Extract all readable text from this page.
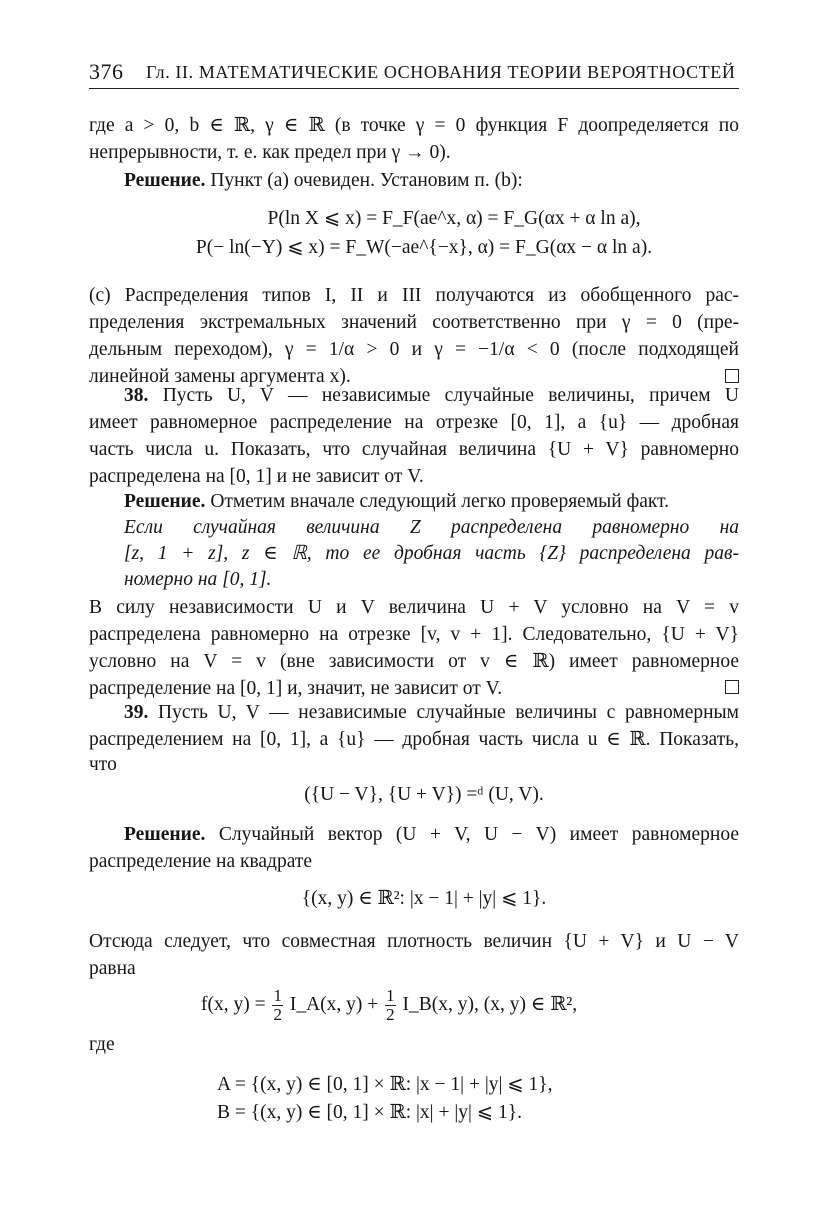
376 Гл. II. МАТЕМАТИЧЕСКИЕ ОСНОВАНИЯ ТЕОРИИ ВЕРОЯТНОСТЕЙ
где a > 0, b ∈ ℝ, γ ∈ ℝ (в точке γ = 0 функция F доопределяется по
непрерывности, т. е. как предел при γ → 0).
Решение. Пункт (a) очевиден. Установим п. (b):
P(ln X ⩽ x) = F_F(ae^x, α) = F_G(αx + α ln a),
P(− ln(−Y) ⩽ x) = F_W(−ae^{−x}, α) = F_G(αx − α ln a).
(c) Распределения типов I, II и III получаются из обобщенного рас-
пределения экстремальных значений соответственно при γ = 0 (пре-
дельным переходом), γ = 1/α > 0 и γ = −1/α < 0 (после подходящей
линейной замены аргумента x).
38. Пусть U, V — независимые случайные величины, причем U
имеет равномерное распределение на отрезке [0, 1], а {u} — дробная
часть числа u. Показать, что случайная величина {U + V} равномерно
распределена на [0, 1] и не зависит от V.
Решение. Отметим вначале следующий легко проверяемый факт.
Если случайная величина Z распределена равномерно на
[z, 1 + z], z ∈ ℝ, то ее дробная часть {Z} распределена рав-
номерно на [0, 1].
В силу независимости U и V величина U + V условно на V = v
распределена равномерно на отрезке [v, v + 1]. Следовательно, {U + V}
условно на V = v (вне зависимости от v ∈ ℝ) имеет равномерное
распределение на [0, 1] и, значит, не зависит от V.
39. Пусть U, V — независимые случайные величины с равномерным
распределением на [0, 1], а {u} — дробная часть числа u ∈ ℝ. Показать,
что
({U − V}, {U + V}) =ᵈ (U, V).
Решение. Случайный вектор (U + V, U − V) имеет равномерное
распределение на квадрате
{(x, y) ∈ ℝ²: |x − 1| + |y| ⩽ 1}.
Отсюда следует, что совместная плотность величин {U + V} и U − V
равна
f(x, $y) = \frac{1}{2}$ I_A(x, $y) + \frac{1}{2}$ I_B(x, y), (x, y) ∈ ℝ²,
где
A = {(x, y) ∈ [0, 1] × ℝ: |x − 1| + |y| ⩽ 1},
B = {(x, y) ∈ [0, 1] × ℝ: |x| + |y| ⩽ 1}.
